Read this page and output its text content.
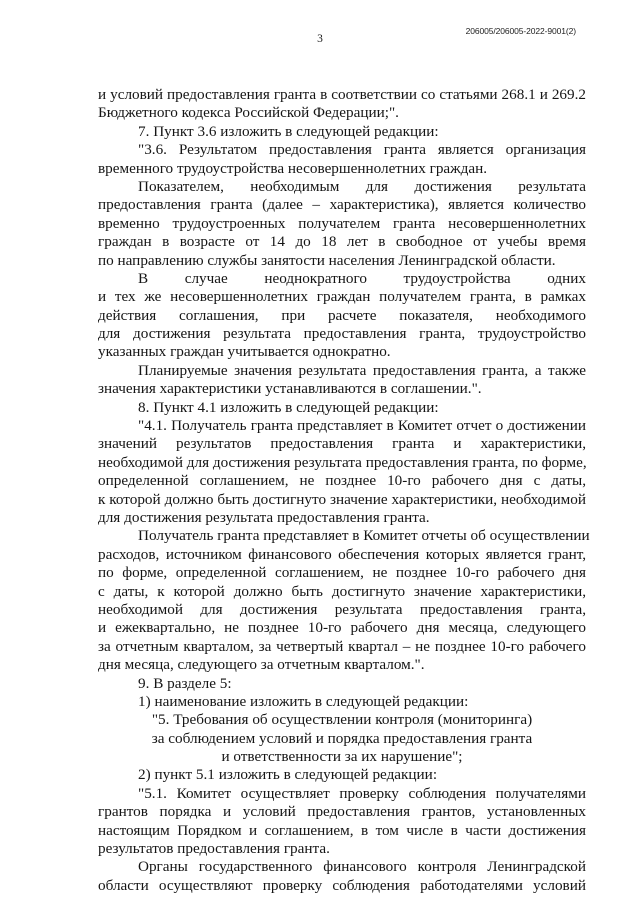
206005/206005-2022-9001(2)
3
и условий предоставления гранта в соответствии со статьями 268.1 и 269.2
Бюджетного кодекса Российской Федерации;".
7. Пункт 3.6 изложить в следующей редакции:
"3.6. Результатом предоставления гранта является организация
временного трудоустройства несовершеннолетних граждан.
Показателем, необходимым для достижения результата
предоставления гранта (далее – характеристика), является количество
временно трудоустроенных получателем гранта несовершеннолетних
граждан в возрасте от 14 до 18 лет в свободное от учебы время
по направлению службы занятости населения Ленинградской области.
В случае неоднократного трудоустройства одних
и тех же несовершеннолетних граждан получателем гранта, в рамках
действия соглашения, при расчете показателя, необходимого
для достижения результата предоставления гранта, трудоустройство
указанных граждан учитывается однократно.
Планируемые значения результата предоставления гранта, а также
значения характеристики устанавливаются в соглашении.".
8. Пункт 4.1 изложить в следующей редакции:
"4.1. Получатель гранта представляет в Комитет отчет о достижении
значений результатов предоставления гранта и характеристики,
необходимой для достижения результата предоставления гранта, по форме,
определенной соглашением, не позднее 10-го рабочего дня с даты,
к которой должно быть достигнуто значение характеристики, необходимой
для достижения результата предоставления гранта.
Получатель гранта представляет в Комитет отчеты об осуществлении
расходов, источником финансового обеспечения которых является грант,
по форме, определенной соглашением, не позднее 10-го рабочего дня
с даты, к которой должно быть достигнуто значение характеристики,
необходимой для достижения результата предоставления гранта,
и ежеквартально, не позднее 10-го рабочего дня месяца, следующего
за отчетным кварталом, за четвертый квартал – не позднее 10-го рабочего
дня месяца, следующего за отчетным кварталом.".
9. В разделе 5:
1) наименование изложить в следующей редакции:
"5. Требования об осуществлении контроля (мониторинга)
за соблюдением условий и порядка предоставления гранта
и ответственности за их нарушение";
2) пункт 5.1 изложить в следующей редакции:
"5.1. Комитет осуществляет проверку соблюдения получателями
грантов порядка и условий предоставления грантов, установленных
настоящим Порядком и соглашением, в том числе в части достижения
результатов предоставления гранта.
Органы государственного финансового контроля Ленинградской
области осуществляют проверку соблюдения работодателями условий
